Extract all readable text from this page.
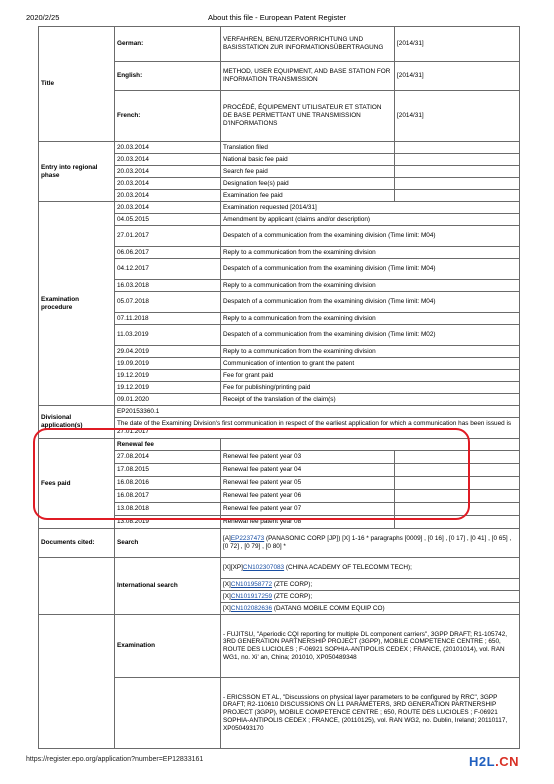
2020/2/25	About this file - European Patent Register
Title	German:	VERFAHREN, BENUTZERVORRICHTUNG UND BASISSTATION ZUR INFORMATIONSÜBERTRAGUNG	[2014/31]
	English:	METHOD, USER EQUIPMENT, AND BASE STATION FOR INFORMATION TRANSMISSION	[2014/31]
	French:	PROCÉDÉ, ÉQUIPEMENT UTILISATEUR ET STATION DE BASE PERMETTANT UNE TRANSMISSION D'INFORMATIONS	[2014/31]
Entry into regional phase	20.03.2014	Translation filed	
	20.03.2014	National basic fee paid	
	20.03.2014	Search fee paid	
	20.03.2014	Designation fee(s) paid	
	20.03.2014	Examination fee paid	
Examination procedure	20.03.2014	Examination requested [2014/31]	
	04.05.2015	Amendment by applicant (claims and/or description)	
	27.01.2017	Despatch of a communication from the examining division (Time limit: M04)	
	06.06.2017	Reply to a communication from the examining division	
	04.12.2017	Despatch of a communication from the examining division (Time limit: M04)	
	16.03.2018	Reply to a communication from the examining division	
	05.07.2018	Despatch of a communication from the examining division (Time limit: M04)	
	07.11.2018	Reply to a communication from the examining division	
	11.03.2019	Despatch of a communication from the examining division (Time limit: M02)	
	29.04.2019	Reply to a communication from the examining division	
	19.09.2019	Communication of intention to grant the patent	
	19.12.2019	Fee for grant paid	
	19.12.2019	Fee for publishing/printing paid	
	09.01.2020	Receipt of the translation of the claim(s)	
Divisional application(s)	EP20153360.1		
	The date of the Examining Division's first communication in respect of the earliest application for which a communication has been issued is 27.01.2017		
Fees paid	Renewal fee		
	27.08.2014	Renewal fee patent year 03	
	17.08.2015	Renewal fee patent year 04	
	16.08.2016	Renewal fee patent year 05	
	16.08.2017	Renewal fee patent year 06	
	13.08.2018	Renewal fee patent year 07	
	13.08.2019	Renewal fee patent year 08	
Documents cited:	Search	[A]EP2237473 (PANASONIC CORP [JP]) [X] 1-16 * paragraphs [0009] , [0 16] , [0 17] , [0 41] , [0 65] , [0 72] , [0 79] , [0 80] *	
	International search	[X][XP]CN102307083 (CHINA ACADEMY OF TELECOMM TECH);	
		[X]CN101958772 (ZTE CORP);	
		[X]CN101917259 (ZTE CORP);	
		[X]CN102082636 (DATANG MOBILE COMM EQUIP CO)	
	Examination	- FUJITSU, "Aperiodic CQI reporting for multiple DL component carriers", 3GPP DRAFT; R1-105742, 3RD GENERATION PARTNERSHIP PROJECT (3GPP), MOBILE COMPETENCE CENTRE ; 650, ROUTE DES LUCIOLES ; F-06921 SOPHIA-ANTIPOLIS CEDEX ; FRANCE, (20101014), vol. RAN WG1, no. Xi' an, China; 201010, XP050489348	
		- ERICSSON ET AL, "Discussions on physical layer parameters to be configured by RRC", 3GPP DRAFT; R2-110610 DISCUSSIONS ON L1 PARAMETERS, 3RD GENERATION PARTNERSHIP PROJECT (3GPP), MOBILE COMPETENCE CENTRE ; 650, ROUTE DES LUCIOLES ; F-06921 SOPHIA-ANTIPOLIS CEDEX ; FRANCE, (20110125), vol. RAN WG2, no. Dublin, Ireland; 20110117, XP050493170	
https://register.epo.org/application?number=EP12833161	H2L.CN
